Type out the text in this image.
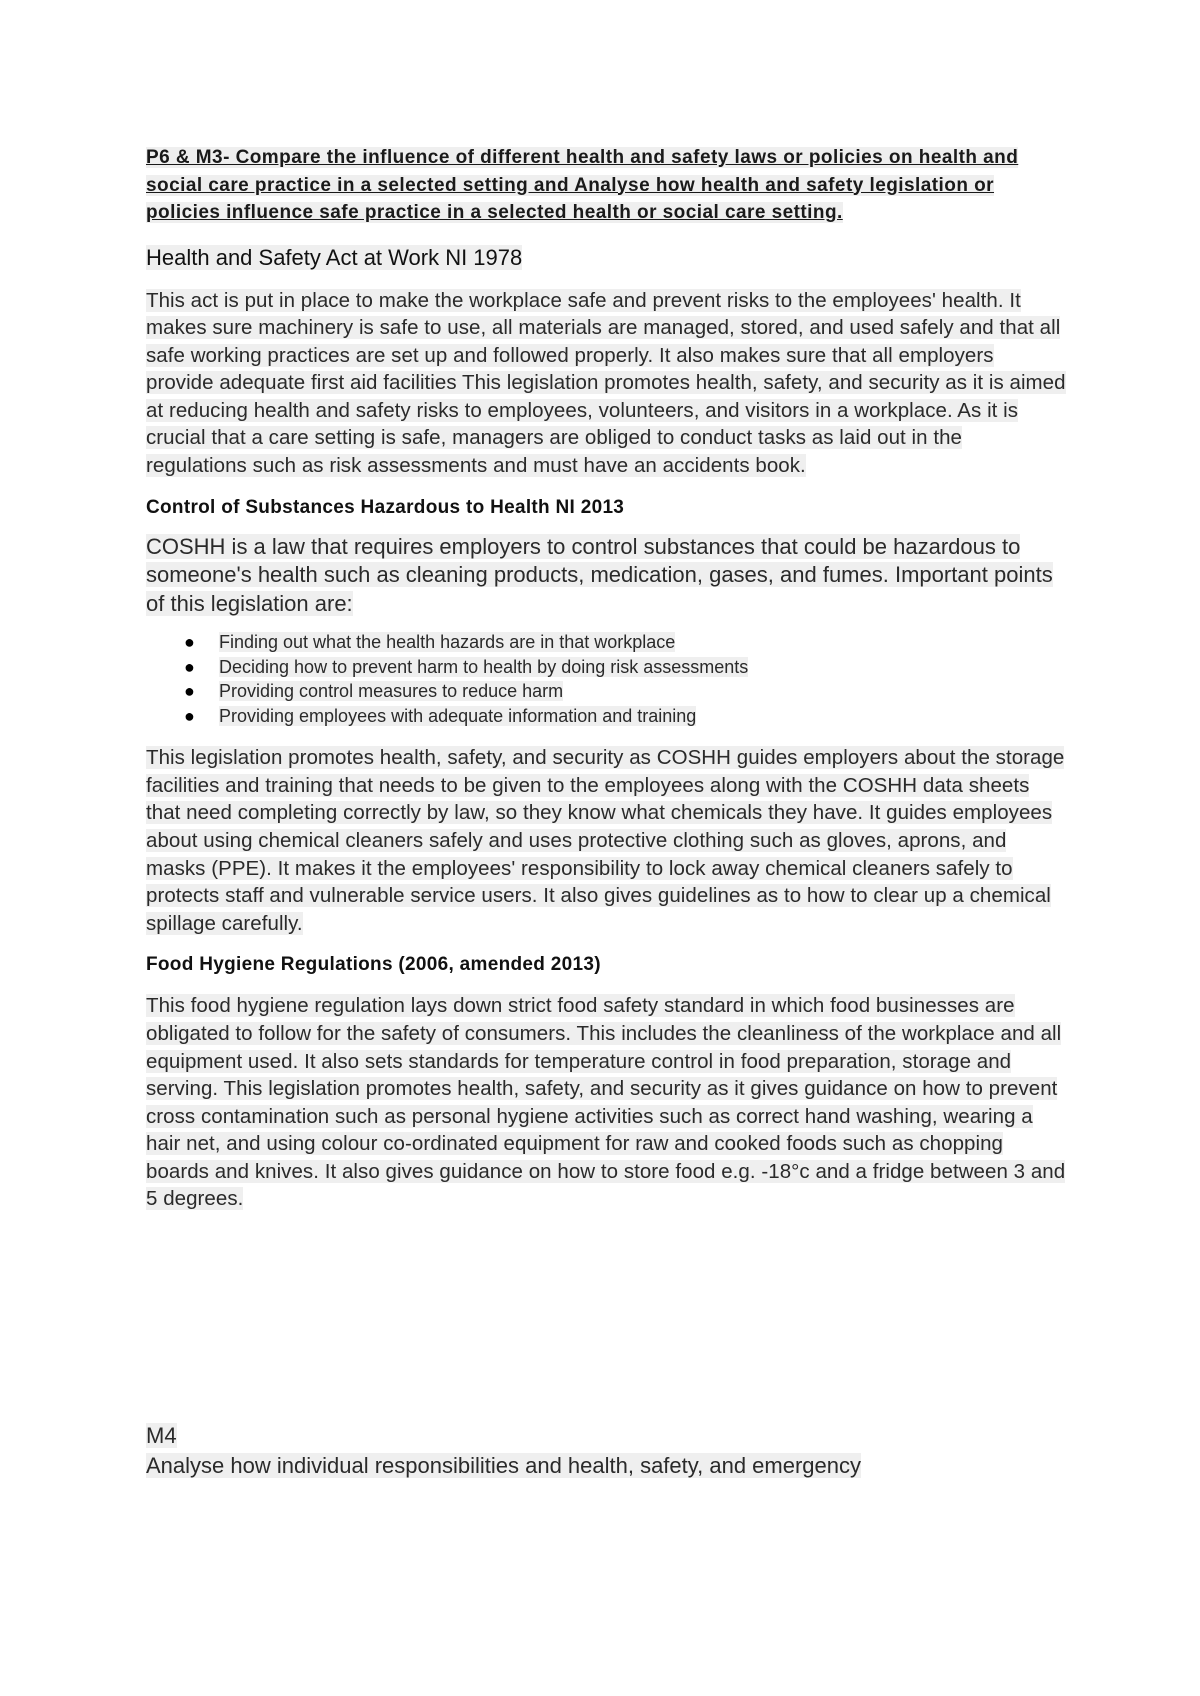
P6 & M3- Compare the influence of different health and safety laws or policies on health and social care practice in a selected setting and Analyse how health and safety legislation or policies influence safe practice in a selected health or social care setting.

Health and Safety Act at Work NI 1978

This act is put in place to make the workplace safe and prevent risks to the employees' health. It makes sure machinery is safe to use, all materials are managed, stored, and used safely and that all safe working practices are set up and followed properly. It also makes sure that all employers provide adequate first aid facilities This legislation promotes health, safety, and security as it is aimed at reducing health and safety risks to employees, volunteers, and visitors in a workplace. As it is crucial that a care setting is safe, managers are obliged to conduct tasks as laid out in the regulations such as risk assessments and must have an accidents book.

Control of Substances Hazardous to Health NI 2013

COSHH is a law that requires employers to control substances that could be hazardous to someone's health such as cleaning products, medication, gases, and fumes. Important points of this legislation are:

● Finding out what the health hazards are in that workplace
● Deciding how to prevent harm to health by doing risk assessments
● Providing control measures to reduce harm
● Providing employees with adequate information and training

This legislation promotes health, safety, and security as COSHH guides employers about the storage facilities and training that needs to be given to the employees along with the COSHH data sheets that need completing correctly by law, so they know what chemicals they have. It guides employees about using chemical cleaners safely and uses protective clothing such as gloves, aprons, and masks (PPE). It makes it the employees' responsibility to lock away chemical cleaners safely to protects staff and vulnerable service users. It also gives guidelines as to how to clear up a chemical spillage carefully.

Food Hygiene Regulations (2006, amended 2013)

This food hygiene regulation lays down strict food safety standard in which food businesses are obligated to follow for the safety of consumers. This includes the cleanliness of the workplace and all equipment used. It also sets standards for temperature control in food preparation, storage and serving. This legislation promotes health, safety, and security as it gives guidance on how to prevent cross contamination such as personal hygiene activities such as correct hand washing, wearing a hair net, and using colour co-ordinated equipment for raw and cooked foods such as chopping boards and knives. It also gives guidance on how to store food e.g. -18°c and a fridge between 3 and 5 degrees.

M4

Analyse how individual responsibilities and health, safety, and emergency
